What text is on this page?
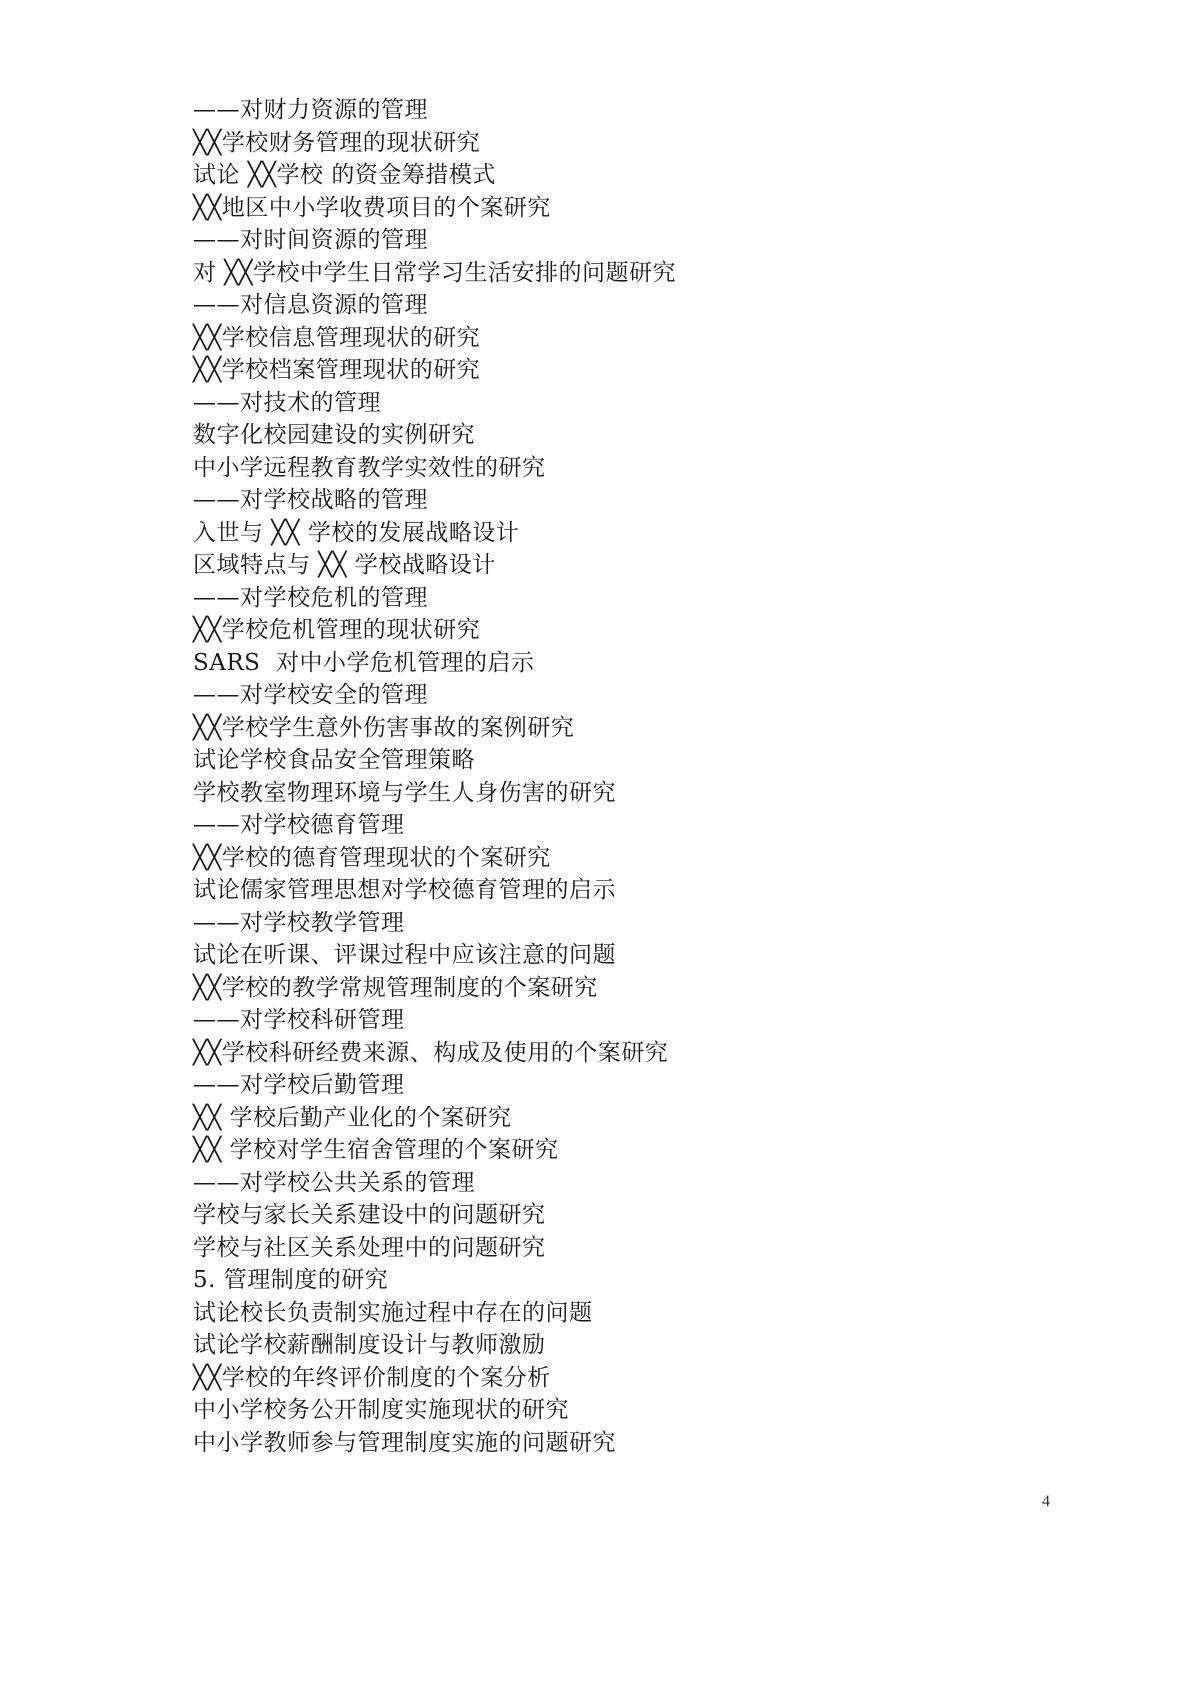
——对财力资源的管理
╳╳学校财务管理的现状研究
试论 ╳╳学校 的资金筹措模式
╳╳地区中小学收费项目的个案研究
——对时间资源的管理
对 ╳╳学校中学生日常学习生活安排的问题研究
——对信息资源的管理
╳╳学校信息管理现状的研究
╳╳学校档案管理现状的研究
——对技术的管理
数字化校园建设的实例研究
中小学远程教育教学实效性的研究
——对学校战略的管理
入世与 ╳╳ 学校的发展战略设计
区域特点与 ╳╳ 学校战略设计
——对学校危机的管理
╳╳学校危机管理的现状研究
SARS  对中小学危机管理的启示
——对学校安全的管理
╳╳学校学生意外伤害事故的案例研究
试论学校食品安全管理策略
学校教室物理环境与学生人身伤害的研究
——对学校德育管理
╳╳学校的德育管理现状的个案研究
试论儒家管理思想对学校德育管理的启示
——对学校教学管理
试论在听课、评课过程中应该注意的问题
╳╳学校的教学常规管理制度的个案研究
——对学校科研管理
╳╳学校科研经费来源、构成及使用的个案研究
——对学校后勤管理
╳╳ 学校后勤产业化的个案研究
╳╳ 学校对学生宿舍管理的个案研究
——对学校公共关系的管理
学校与家长关系建设中的问题研究
学校与社区关系处理中的问题研究
5. 管理制度的研究
试论校长负责制实施过程中存在的问题
试论学校薪酬制度设计与教师激励
╳╳学校的年终评价制度的个案分析
中小学校务公开制度实施现状的研究
中小学教师参与管理制度实施的问题研究
4
